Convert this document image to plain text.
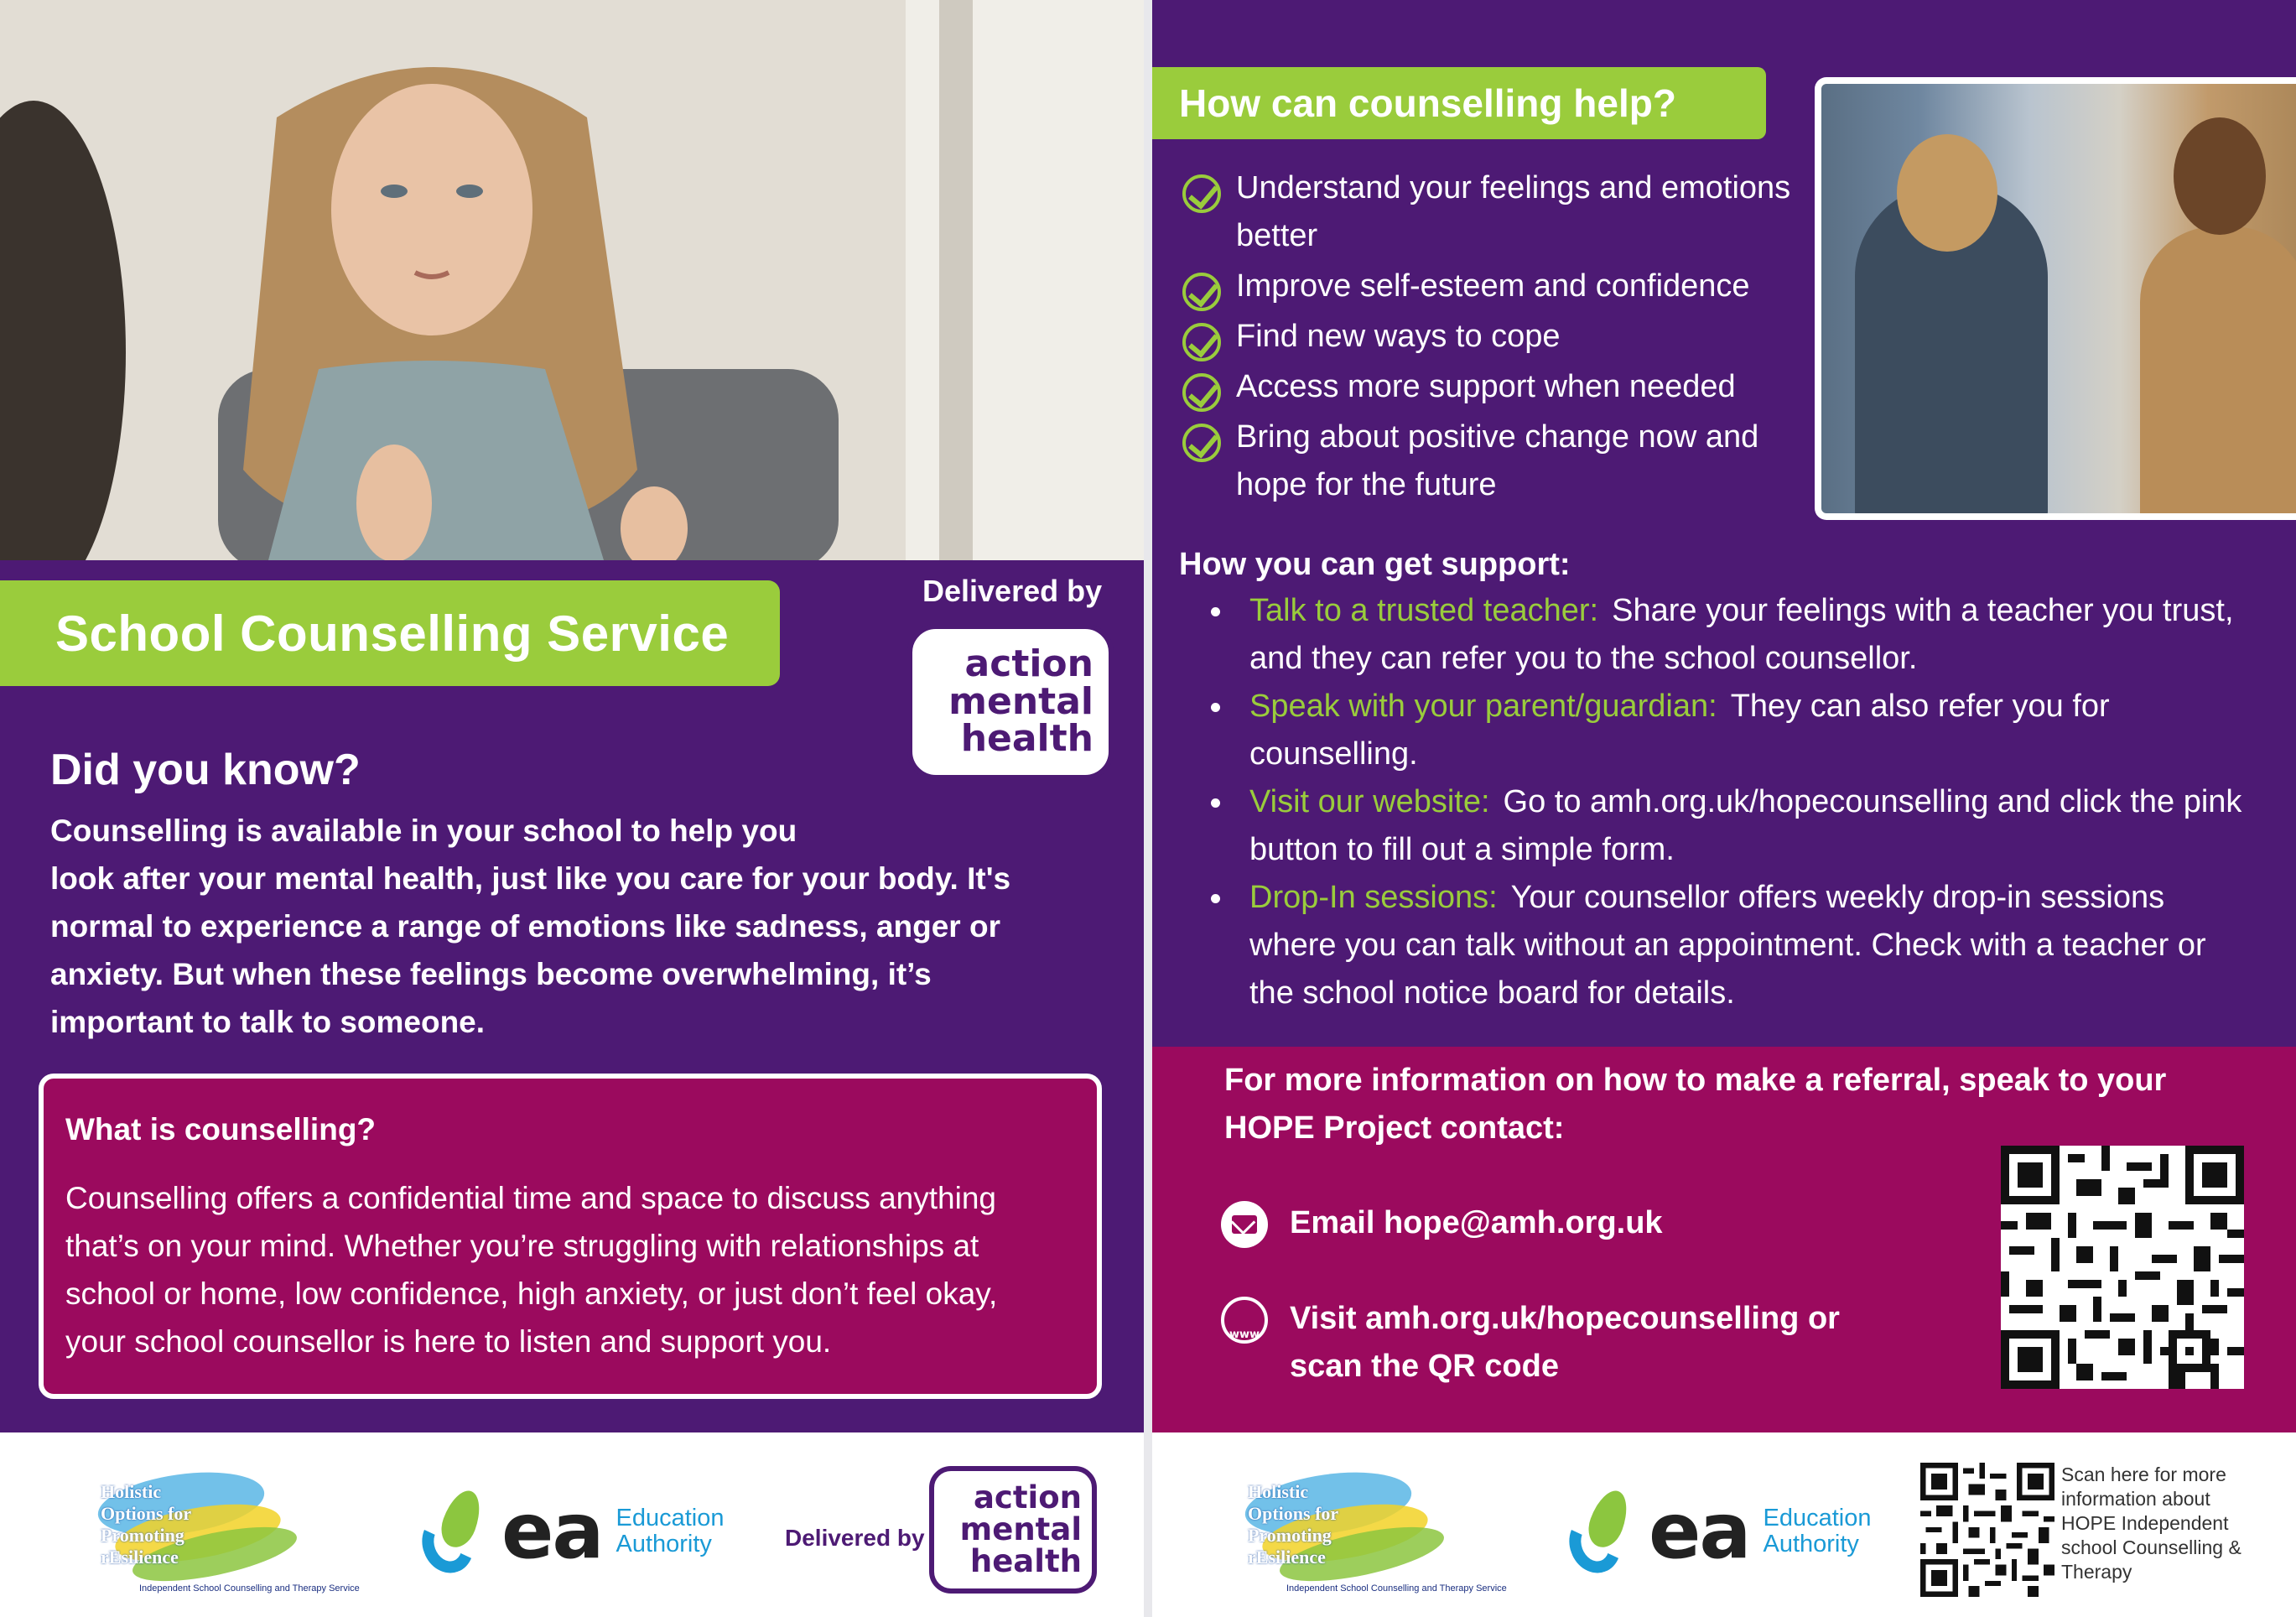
School Counselling Service
Delivered by
action
mental
health
Did you know?
Counselling is available in your school to help you
look after your mental health, just like you care for your body. It's
normal to experience a range of emotions like sadness, anger or
anxiety. But when these feelings become overwhelming, it’s
important to talk to someone.
What is counselling?

Counselling offers a confidential time and space to discuss anything
that’s on your mind. Whether you’re struggling with relationships at
school or home, low confidence, high anxiety, or just don’t feel okay,
your school counsellor is here to listen and support you.

Holistic
Options for
Promoting
rEsilience
Independent School Counselling and Therapy Service
ea Education
Authority	Delivered by
action
mental
health
How can counselling help?
Understand your feelings and emotions
better
Improve self-esteem and confidence
Find new ways to cope
Access more support when needed
Bring about positive change now and
hope for the future
How you can get support:
Talk to a trusted teacher: Share your feelings with a teacher you trust,
and they can refer you to the school counsellor.
Speak with your parent/guardian: They can also refer you for
counselling.
Visit our website: Go to amh.org.uk/hopecounselling and click the pink
button to fill out a simple form.
Drop-In sessions: Your counsellor offers weekly drop-in sessions
where you can talk without an appointment. Check with a teacher or
the school notice board for details.
For more information on how to make a referral, speak to your
HOPE Project contact:
Email hope@amh.org.uk
www
Visit amh.org.uk/hopecounselling or
scan the QR code
Holistic
Options for
Promoting
rEsilience
Independent School Counselling and Therapy Service
ea Education
Authority
Scan here for more
information about
HOPE Independent
school Counselling &
Therapy
